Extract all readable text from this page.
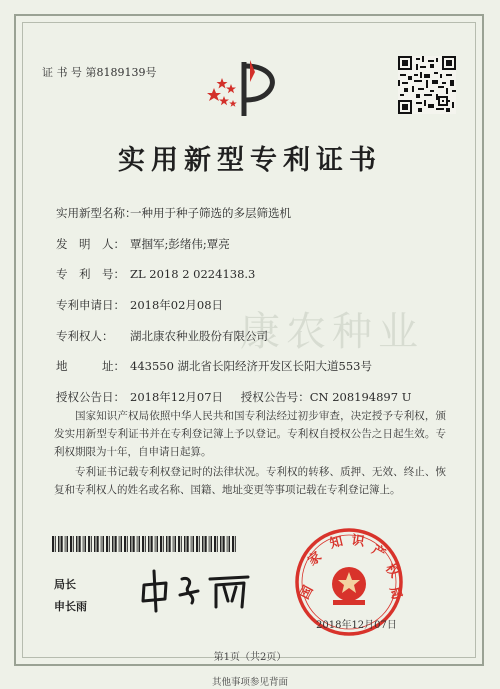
证 书 号 第8189139号
实用新型专利证书
康农种业
实用新型名称：一种用于种子筛选的多层筛选机
发　明　人： 覃掴军;彭绪伟;覃亮
专　利　号： ZL 2018 2 0224138.3
专利申请日： 2018年02月08日
专利权人： 湖北康农种业股份有限公司
地　　　址： 443550 湖北省长阳经济开发区长阳大道553号
授权公告日： 2018年12月07日 授权公告号：CN 208194897 U
国家知识产权局依照中华人民共和国专利法经过初步审查，决定授予专利权，颁发实用新型专利证书并在专利登记簿上予以登记。专利权自授权公告之日起生效。专利权期限为十年，自申请日起算。
专利证书记载专利权登记时的法律状况。专利权的转移、质押、无效、终止、恢复和专利权人的姓名或名称、国籍、地址变更等事项记载在专利登记簿上。
局长
申长雨
国
家
知 识
产
权
局
2018年12月07日
第1页（共2页）
其他事项参见背面
